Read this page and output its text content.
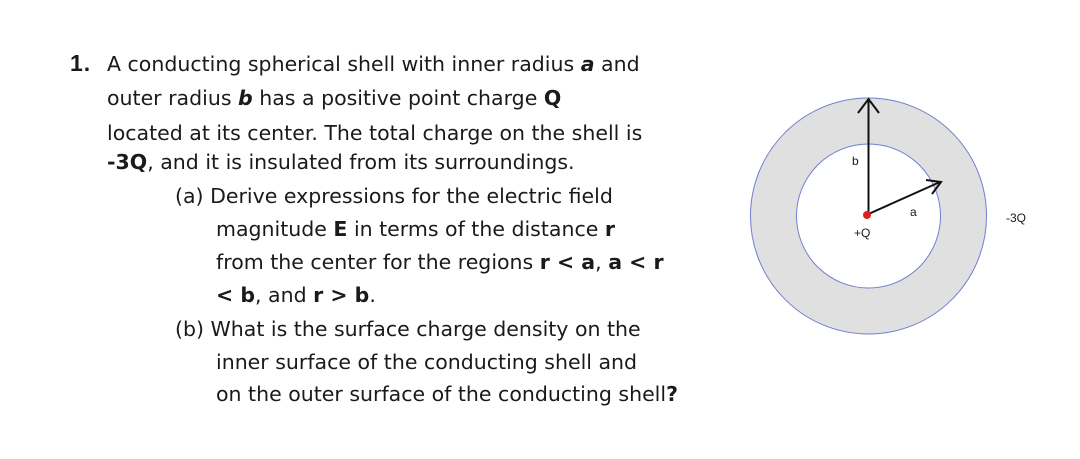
1. A conducting spherical shell with inner radius a and
outer radius b has a positive point charge Q
located at its center. The total charge on the shell is
-3Q, and it is insulated from its surroundings.
(a) Derive expressions for the electric field
magnitude E in terms of the distance r
from the center for the regions r < a, a < r
< b, and r > b.
(b) What is the surface charge density on the
inner surface of the conducting shell and
on the outer surface of the conducting shell?
b
a
+Q
-3Q
